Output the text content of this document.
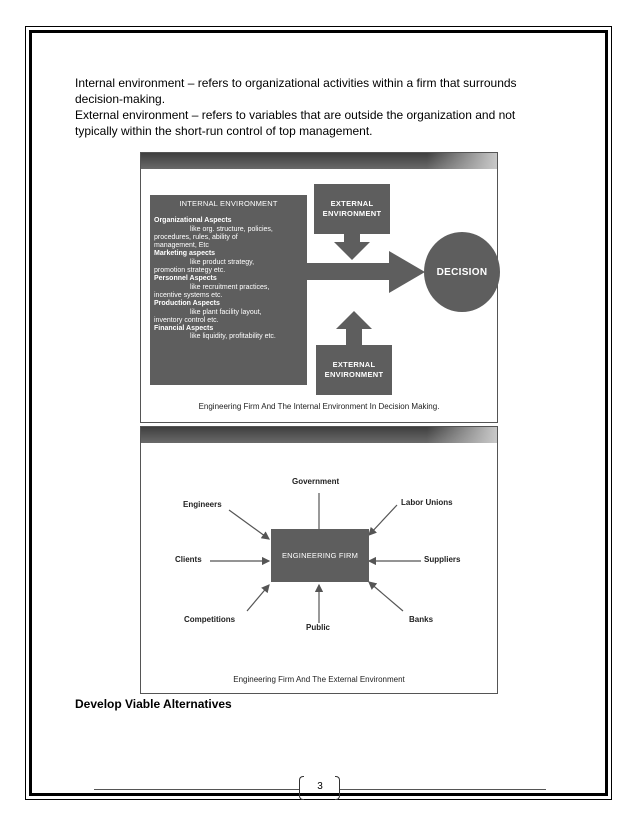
Internal environment – refers to organizational activities within a firm that surrounds decision-making.

External environment – refers to variables that are outside the organization and not typically within the short-run control of top management.

INTERNAL ENVIRONMENT
Organizational Aspects
like org. structure, policies,
procedures, rules, ability of
management, Etc
Marketing aspects
like product strategy,
promotion strategy etc.
Personnel Aspects
like recruitment practices,
incentive systems etc.
Production Aspects
like plant facility layout,
inventory control etc.
Financial Aspects
like liquidity, profitability etc.
EXTERNAL
ENVIRONMENT
EXTERNAL
ENVIRONMENT
DECISION
Engineering Firm And The Internal Environment In Decision Making.
ENGINEERING FIRM
Government
Engineers	Labor Unions
Clients	Suppliers
Competitions
Public
Banks
Engineering Firm And The External Environment
Develop Viable Alternatives
3
